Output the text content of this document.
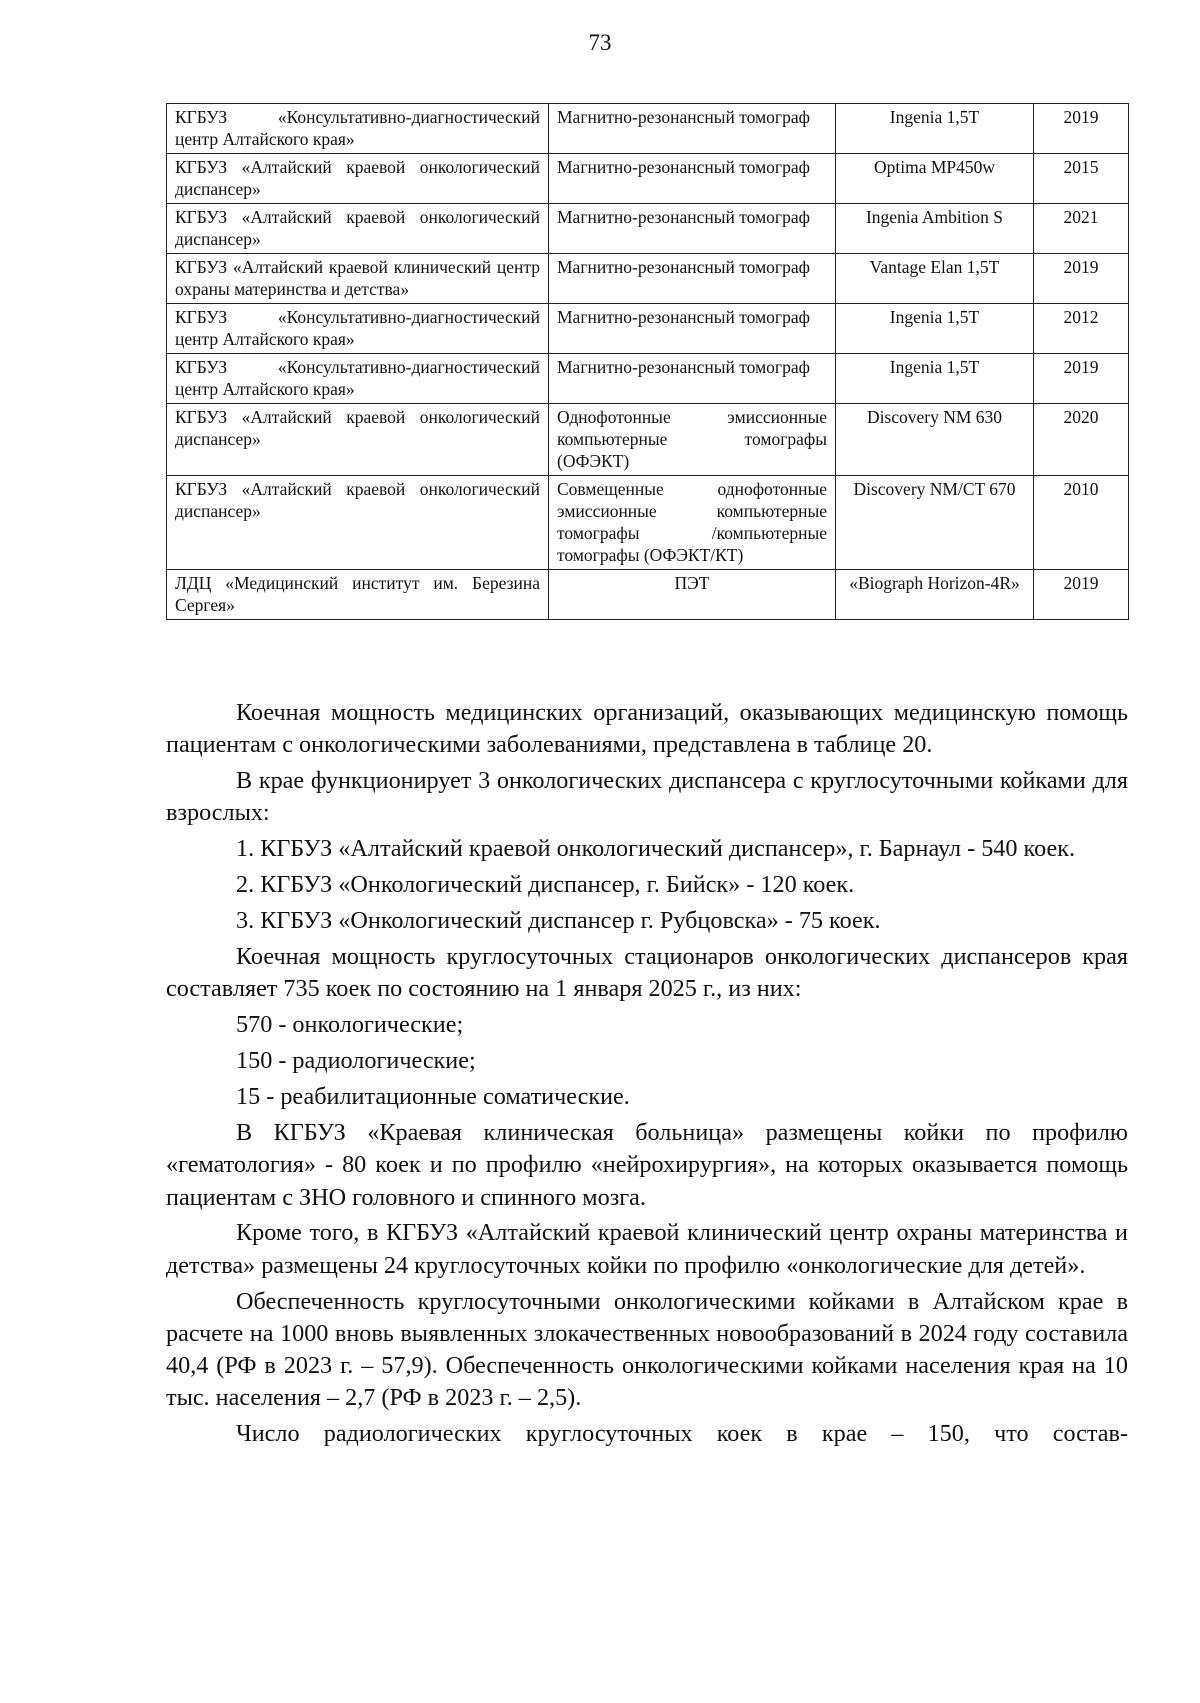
73
КГБУЗ «Консультативно-диагностический центр Алтайского края»	Магнитно-резонансный томограф	Ingenia 1,5T	2019
КГБУЗ «Алтайский краевой онкологический диспансер»	Магнитно-резонансный томограф	Optima MP450w	2015
КГБУЗ «Алтайский краевой онкологический диспансер»	Магнитно-резонансный томограф	Ingenia Ambition S	2021
КГБУЗ «Алтайский краевой клинический центр охраны материнства и детства»	Магнитно-резонансный томограф	Vantage Elan 1,5T	2019
КГБУЗ «Консультативно-диагностический центр Алтайского края»	Магнитно-резонансный томограф	Ingenia 1,5T	2012
КГБУЗ «Консультативно-диагностический центр Алтайского края»	Магнитно-резонансный томограф	Ingenia 1,5T	2019
КГБУЗ «Алтайский краевой онкологический диспансер»	Однофотонные эмиссионные компьютерные томографы (ОФЭКТ)	Discovery NM 630	2020
КГБУЗ «Алтайский краевой онкологический диспансер»	Совмещенные однофотонные эмиссионные компьютерные томографы /компьютерные томографы (ОФЭКТ/КТ)	Discovery NM/CT 670	2010
ЛДЦ «Медицинский институт им. Березина Сергея»	ПЭТ	«Biograph Horizon-4R»	2019

Коечная мощность медицинских организаций, оказывающих медицинскую помощь пациентам с онкологическими заболеваниями, представлена в таблице 20.

В крае функционирует 3 онкологических диспансера с круглосуточными койками для взрослых:

1. КГБУЗ «Алтайский краевой онкологический диспансер», г. Барнаул - 540 коек.

2. КГБУЗ «Онкологический диспансер, г. Бийск» - 120 коек.

3. КГБУЗ «Онкологический диспансер г. Рубцовска» - 75 коек.

Коечная мощность круглосуточных стационаров онкологических диспансеров края составляет 735 коек по состоянию на 1 января 2025 г., из них:

570 - онкологические;

150 - радиологические;

15 - реабилитационные соматические.

В КГБУЗ «Краевая клиническая больница» размещены койки по профилю «гематология» - 80 коек и по профилю «нейрохирургия», на которых оказывается помощь пациентам с ЗНО головного и спинного мозга.

Кроме того, в КГБУЗ «Алтайский краевой клинический центр охраны материнства и детства» размещены 24 круглосуточных койки по профилю «онкологические для детей».

Обеспеченность круглосуточными онкологическими койками в Алтайском крае в расчете на 1000 вновь выявленных злокачественных новообразований в 2024 году составила 40,4 (РФ в 2023 г. – 57,9). Обеспеченность онкологическими койками населения края на 10 тыс. населения – 2,7 (РФ в 2023 г. – 2,5).

Число радиологических круглосуточных коек в крае – 150, что состав-
